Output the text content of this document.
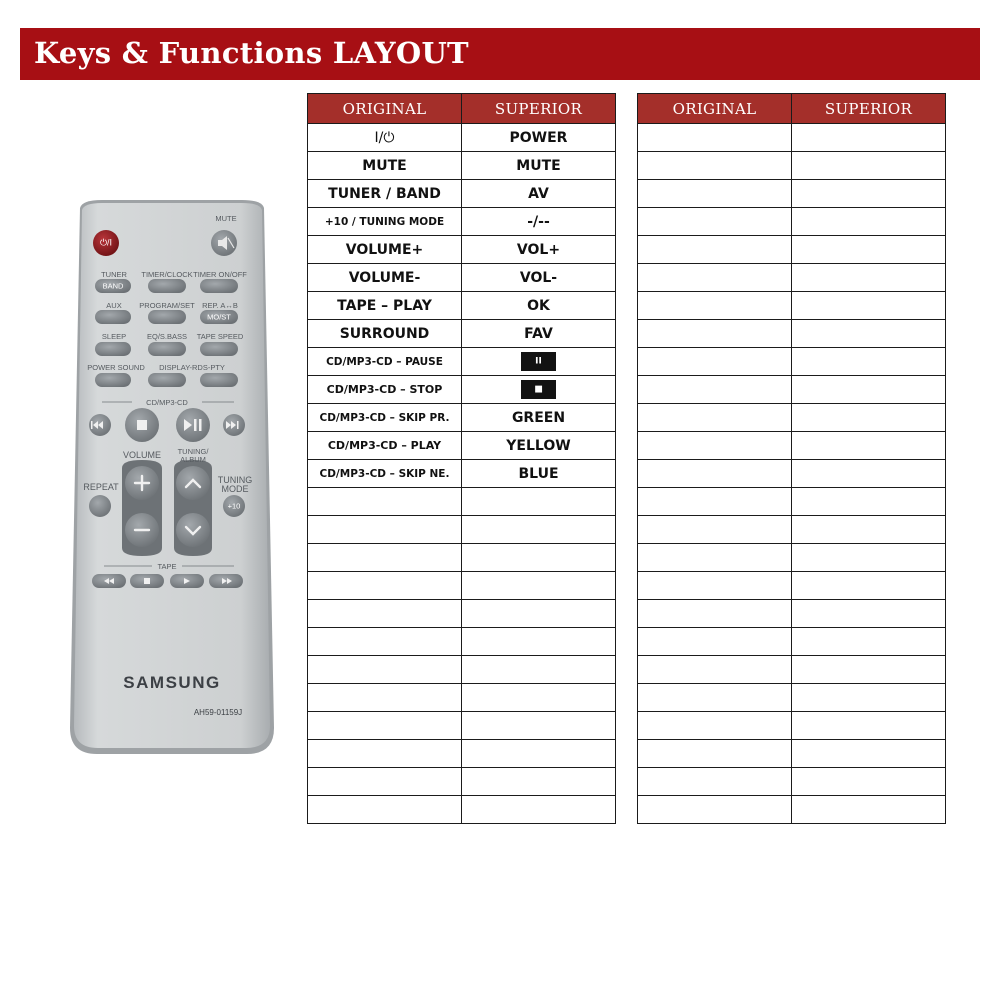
Keys & Functions LAYOUT
MUTE
⏻/I
TUNER
BAND
TIMER/CLOCK TIMER ON/OFF
AUX PROGRAM/SET REP. A↔B
MO/ST
SLEEP	EQ/S.BASS TAPE SPEED
POWER SOUND DISPLAY-RDS-PTY
CD/MP3-CD
VOLUME TUNING/ ALBUM
REPEAT
TUNING MODE
+10
TAPE
SAMSUNG
AH59-01159J
ORIGINAL	SUPERIOR
I/⏻	POWER
MUTE	MUTE
TUNER / BAND	AV
+10 / TUNING MODE	-/--
VOLUME+	VOL+
VOLUME-	VOL-
TAPE – PLAY	OK
SURROUND	FAV
CD/MP3-CD – PAUSE	II

CD/MP3-CD – STOP	■

CD/MP3-CD – SKIP PR.	GREEN
CD/MP3-CD – PLAY	YELLOW
CD/MP3-CD – SKIP NE.	BLUE

ORIGINAL	SUPERIOR
